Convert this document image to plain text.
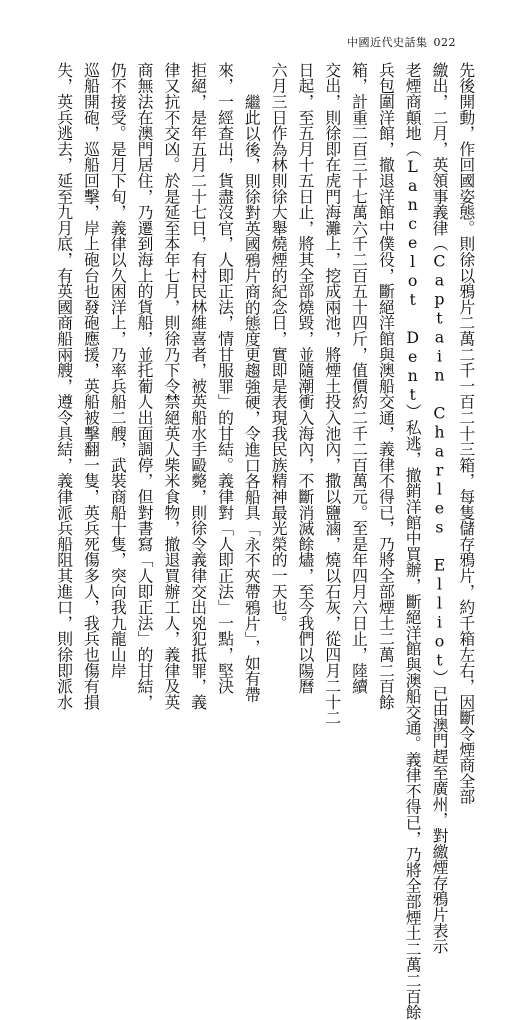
中國近代史話集 022
先後開動，作回國姿態。則徐以鴉片二萬二千一百二十三箱，每隻儲存鴉片，約千箱左右，因斷令煙商全部
繳出，二月，英領事義律（Captain Charles Elliot）已由澳門趕至廣州，對繳煙存鴉片表示
老煙商顛地（Lancelot Dent）私逃，撤銷洋館中買辦，斷絕洋館與澳船交通。義律不得已，乃將全部煙土二萬二百餘
兵包圍洋館，撤退洋館中僕役，斷絕洋館與澳船交通，義律不得已，乃將全部煙土二萬二百餘
箱，計重二百三十七萬六千二百五十四斤，值價約二千二百萬元。至是年四月六日止，陸續
交出，則徐即在虎門海灘上，挖成兩池，將煙土投入池內，撒以鹽滷，燒以石灰，從四月二十二
日起，至五月十五日止，將其全部燒毀，並隨潮衝入海內，不斷消滅餘燼，至今我們以陽曆
六月三日作為林則徐大舉燒煙的紀念日，實即是表現我民族精神最光榮的一天也。
繼此以後，則徐對英國鴉片商的態度更趨強硬，令進口各船具「永不夾帶鴉片」，如有帶
來，一經查出，貨盡沒官，人即正法，情甘服罪」的甘結。義律對「人即正法」一點，堅決
拒絕，是年五月二十七日，有村民林維喜者，被英船水手毆斃，則徐令義律交出兇犯抵罪，義
律又抗不交凶。於是延至本年七月，則徐乃下令禁絕英人柴米食物，撤退買辦工人，義律及英
商無法在澳門居住，乃遷到海上的貨船，並托葡人出面調停，但對書寫「人即正法」的甘結，
仍不接受。是月下旬，義律以久困洋上，乃率兵船二艘，武裝商船十隻，突向我九龍山岸
巡船開砲，巡船回擊，岸上砲台也發砲應援，英船被擊翻一隻，英兵死傷多人，我兵也傷有損
失，英兵逃去，延至九月底，有英國商船兩艘，遵令具結，義律派兵船阻其進口，則徐即派水
